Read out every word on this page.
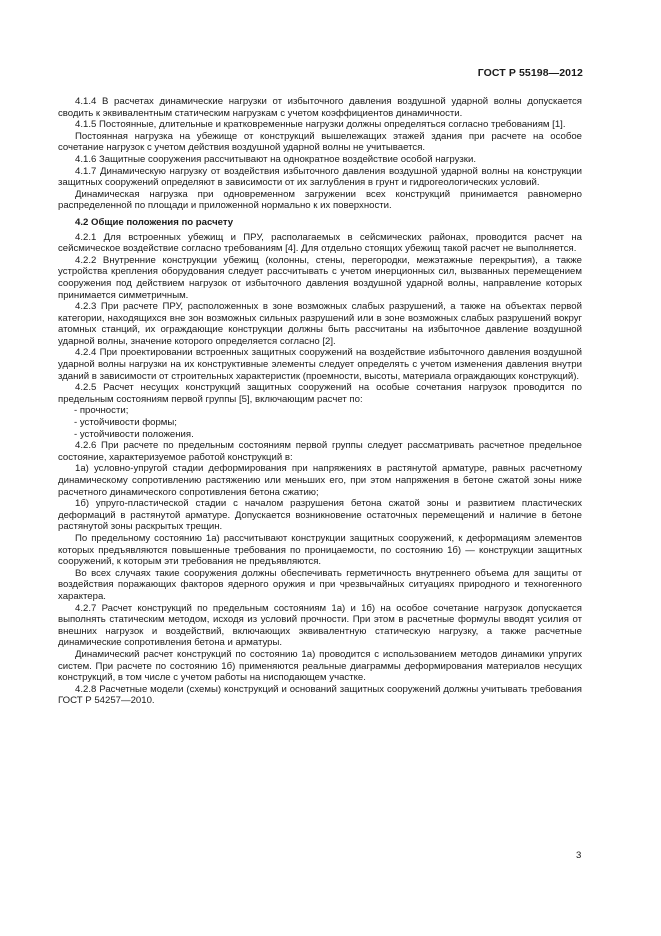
ГОСТ Р 55198—2012

4.1.4 В расчетах динамические нагрузки от избыточного давления воздушной ударной волны допускается сводить к эквивалентным статическим нагрузкам с учетом коэффициентов динамичности.

4.1.5 Постоянные, длительные и кратковременные нагрузки должны определяться согласно требованиям [1].

Постоянная нагрузка на убежище от конструкций вышележащих этажей здания при расчете на особое сочетание нагрузок с учетом действия воздушной ударной волны не учитывается.

4.1.6 Защитные сооружения рассчитывают на однократное воздействие особой нагрузки.

4.1.7 Динамическую нагрузку от воздействия избыточного давления воздушной ударной волны на конструкции защитных сооружений определяют в зависимости от их заглубления в грунт и гидрогеологических условий.

Динамическая нагрузка при одновременном загружении всех конструкций принимается равномерно распределенной по площади и приложенной нормально к их поверхности.

4.2 Общие положения по расчету

4.2.1 Для встроенных убежищ и ПРУ, располагаемых в сейсмических районах, проводится расчет на сейсмическое воздействие согласно требованиям [4]. Для отдельно стоящих убежищ такой расчет не выполняется.

4.2.2 Внутренние конструкции убежищ (колонны, стены, перегородки, межэтажные перекрытия), а также устройства крепления оборудования следует рассчитывать с учетом инерционных сил, вызванных перемещением сооружения под действием нагрузок от избыточного давления воздушной ударной волны, направление которых принимается симметричным.

4.2.3 При расчете ПРУ, расположенных в зоне возможных слабых разрушений, а также на объектах первой категории, находящихся вне зон возможных сильных разрушений или в зоне возможных слабых разрушений вокруг атомных станций, их ограждающие конструкции должны быть рассчитаны на избыточное давление воздушной ударной волны, значение которого определяется согласно [2].

4.2.4 При проектировании встроенных защитных сооружений на воздействие избыточного давления воздушной ударной волны нагрузки на их конструктивные элементы следует определять с учетом изменения давления внутри зданий в зависимости от строительных характеристик (проемности, высоты, материала ограждающих конструкций).

4.2.5 Расчет несущих конструкций защитных сооружений на особые сочетания нагрузок проводится по предельным состояниям первой группы [5], включающим расчет по:

- прочности;

- устойчивости формы;

- устойчивости положения.

4.2.6 При расчете по предельным состояниям первой группы следует рассматривать расчетное предельное состояние, характеризуемое работой конструкций в:

1а) условно-упругой стадии деформирования при напряжениях в растянутой арматуре, равных расчетному динамическому сопротивлению растяжению или меньших его, при этом напряжения в бетоне сжатой зоны ниже расчетного динамического сопротивления бетона сжатию;

1б) упруго-пластической стадии с началом разрушения бетона сжатой зоны и развитием пластических деформаций в растянутой арматуре. Допускается возникновение остаточных перемещений и наличие в бетоне растянутой зоны раскрытых трещин.

По предельному состоянию 1а) рассчитывают конструкции защитных сооружений, к деформациям элементов которых предъявляются повышенные требования по проницаемости, по состоянию 1б) — конструкции защитных сооружений, к которым эти требования не предъявляются.

Во всех случаях такие сооружения должны обеспечивать герметичность внутреннего объема для защиты от воздействия поражающих факторов ядерного оружия и при чрезвычайных ситуациях природного и техногенного характера.

4.2.7 Расчет конструкций по предельным состояниям 1а) и 1б) на особое сочетание нагрузок допускается выполнять статическим методом, исходя из условий прочности. При этом в расчетные формулы вводят усилия от внешних нагрузок и воздействий, включающих эквивалентную статическую нагрузку, а также расчетные динамические сопротивления бетона и арматуры.

Динамический расчет конструкций по состоянию 1а) проводится с использованием методов динамики упругих систем. При расчете по состоянию 1б) применяются реальные диаграммы деформирования материалов несущих конструкций, в том числе с учетом работы на нисподающем участке.

4.2.8 Расчетные модели (схемы) конструкций и оснований защитных сооружений должны учитывать требования ГОСТ Р 54257—2010.

3
